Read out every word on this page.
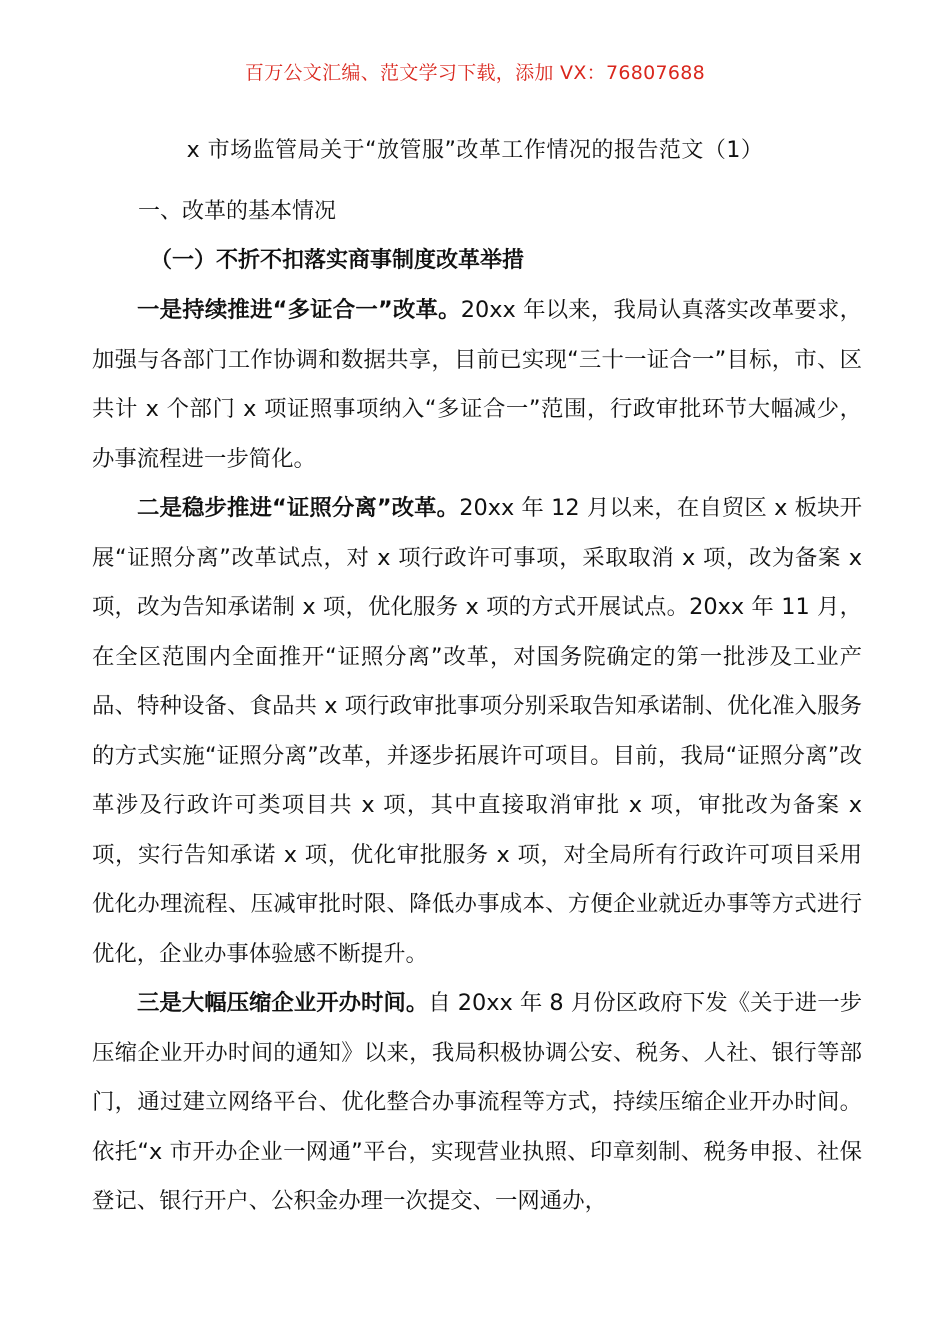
百万公文汇编、范文学习下载，添加 VX：76807688
x 市场监管局关于“放管服”改革工作情况的报告范文（1）
一、改革的基本情况
（一）不折不扣落实商事制度改革举措

一是持续推进“多证合一”改革。20xx 年以来，我局认真落实改革要求，加强与各部门工作协调和数据共享，目前已实现“三十一证合一”目标，市、区共计 x 个部门 x 项证照事项纳入“多证合一”范围，行政审批环节大幅减少，办事流程进一步简化。

二是稳步推进“证照分离”改革。20xx 年 12 月以来，在自贸区 x 板块开展“证照分离”改革试点，对 x 项行政许可事项，采取取消 x 项，改为备案 x 项，改为告知承诺制 x 项，优化服务 x 项的方式开展试点。20xx 年 11 月，在全区范围内全面推开“证照分离”改革，对国务院确定的第一批涉及工业产品、特种设备、食品共 x 项行政审批事项分别采取告知承诺制、优化准入服务的方式实施“证照分离”改革，并逐步拓展许可项目。目前，我局“证照分离”改革涉及行政许可类项目共 x 项，其中直接取消审批 x 项，审批改为备案 x 项，实行告知承诺 x 项，优化审批服务 x 项，对全局所有行政许可项目采用优化办理流程、压减审批时限、降低办事成本、方便企业就近办事等方式进行优化，企业办事体验感不断提升。

三是大幅压缩企业开办时间。自 20xx 年 8 月份区政府下发《关于进一步压缩企业开办时间的通知》以来，我局积极协调公安、税务、人社、银行等部门，通过建立网络平台、优化整合办事流程等方式，持续压缩企业开办时间。依托“x 市开办企业一网通”平台，实现营业执照、印章刻制、税务申报、社保登记、银行开户、公积金办理一次提交、一网通办，
